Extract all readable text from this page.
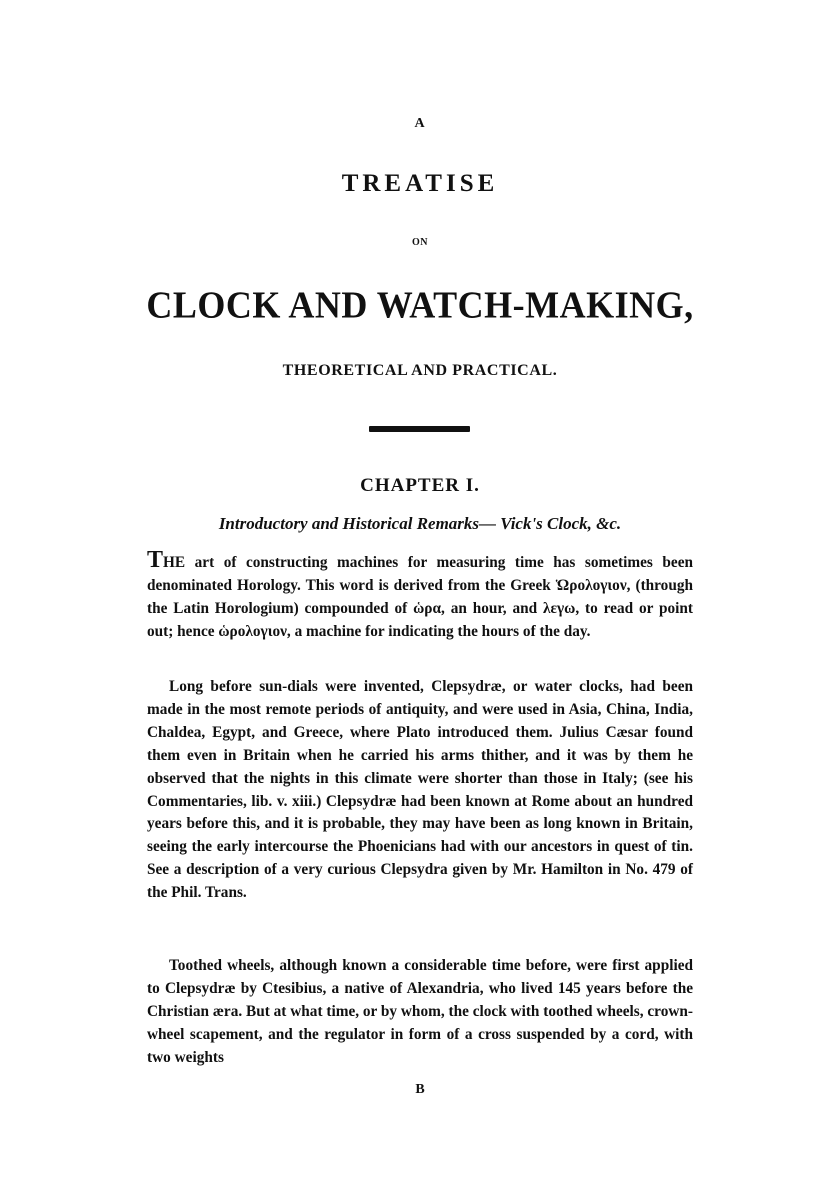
A
TREATISE
ON
CLOCK AND WATCH-MAKING,
THEORETICAL AND PRACTICAL.
CHAPTER I.
Introductory and Historical Remarks— Vick's Clock, &c.

THE art of constructing machines for measuring time has sometimes been denominated Horology. This word is derived from the Greek Ὡρολογιον, (through the Latin Horologium) compounded of ὡρα, an hour, and λεγω, to read or point out; hence ὡρολογιον, a machine for indicating the hours of the day.

Long before sun-dials were invented, Clepsydræ, or water clocks, had been made in the most remote periods of antiquity, and were used in Asia, China, India, Chaldea, Egypt, and Greece, where Plato introduced them. Julius Cæsar found them even in Britain when he carried his arms thither, and it was by them he observed that the nights in this climate were shorter than those in Italy; (see his Commentaries, lib. v. xiii.) Clepsydræ had been known at Rome about an hundred years before this, and it is probable, they may have been as long known in Britain, seeing the early intercourse the Phoenicians had with our ancestors in quest of tin. See a description of a very curious Clepsydra given by Mr. Hamilton in No. 479 of the Phil. Trans.

Toothed wheels, although known a considerable time before, were first applied to Clepsydræ by Ctesibius, a native of Alexandria, who lived 145 years before the Christian æra. But at what time, or by whom, the clock with toothed wheels, crown-wheel scapement, and the regulator in form of a cross suspended by a cord, with two weights

B
